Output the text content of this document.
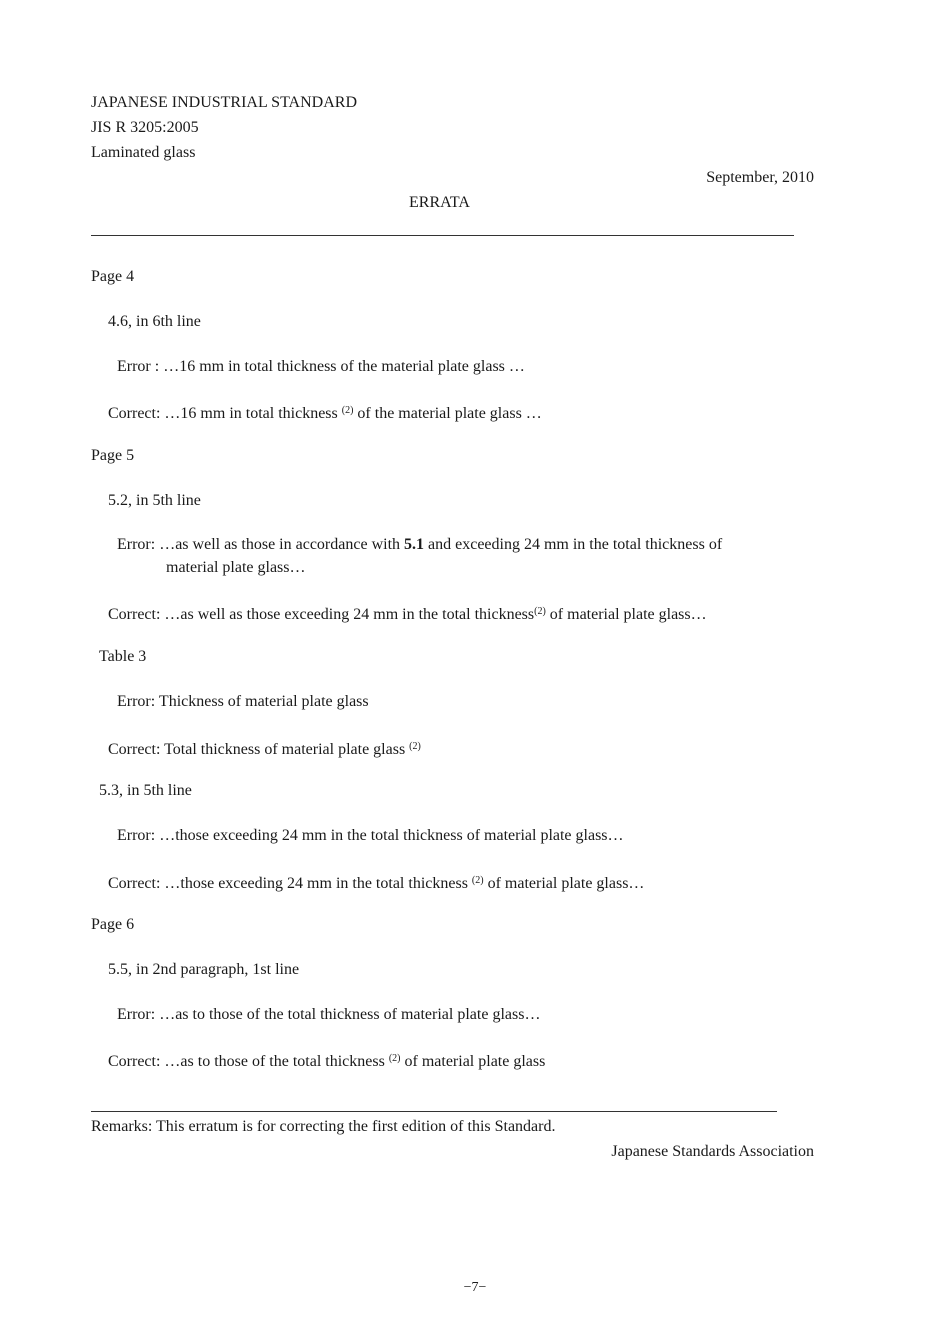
JAPANESE INDUSTRIAL STANDARD
JIS R 3205:2005
Laminated glass
September, 2010
ERRATA
Page 4
4.6, in 6th line
Error : …16 mm in total thickness of the material plate glass …
Correct: …16 mm in total thickness $^{(2)}$ of the material plate glass …
Page 5
5.2, in 5th line
Error: …as well as those in accordance with 5.1 and exceeding 24 mm in the total thickness of
material plate glass…
Correct: …as well as those exceeding 24 mm in the total thickness$^{(2)}$ of material plate glass…
Table 3
Error: Thickness of material plate glass
Correct: Total thickness of material plate glass $^{(2)}$
5.3, in 5th line
Error: …those exceeding 24 mm in the total thickness of material plate glass…
Correct: …those exceeding 24 mm in the total thickness $^{(2)}$ of material plate glass…
Page 6
5.5, in 2nd paragraph, 1st line
Error: …as to those of the total thickness of material plate glass…
Correct: …as to those of the total thickness $^{(2)}$ of material plate glass
Remarks: This erratum is for correcting the first edition of this Standard.
Japanese Standards Association
−7−
